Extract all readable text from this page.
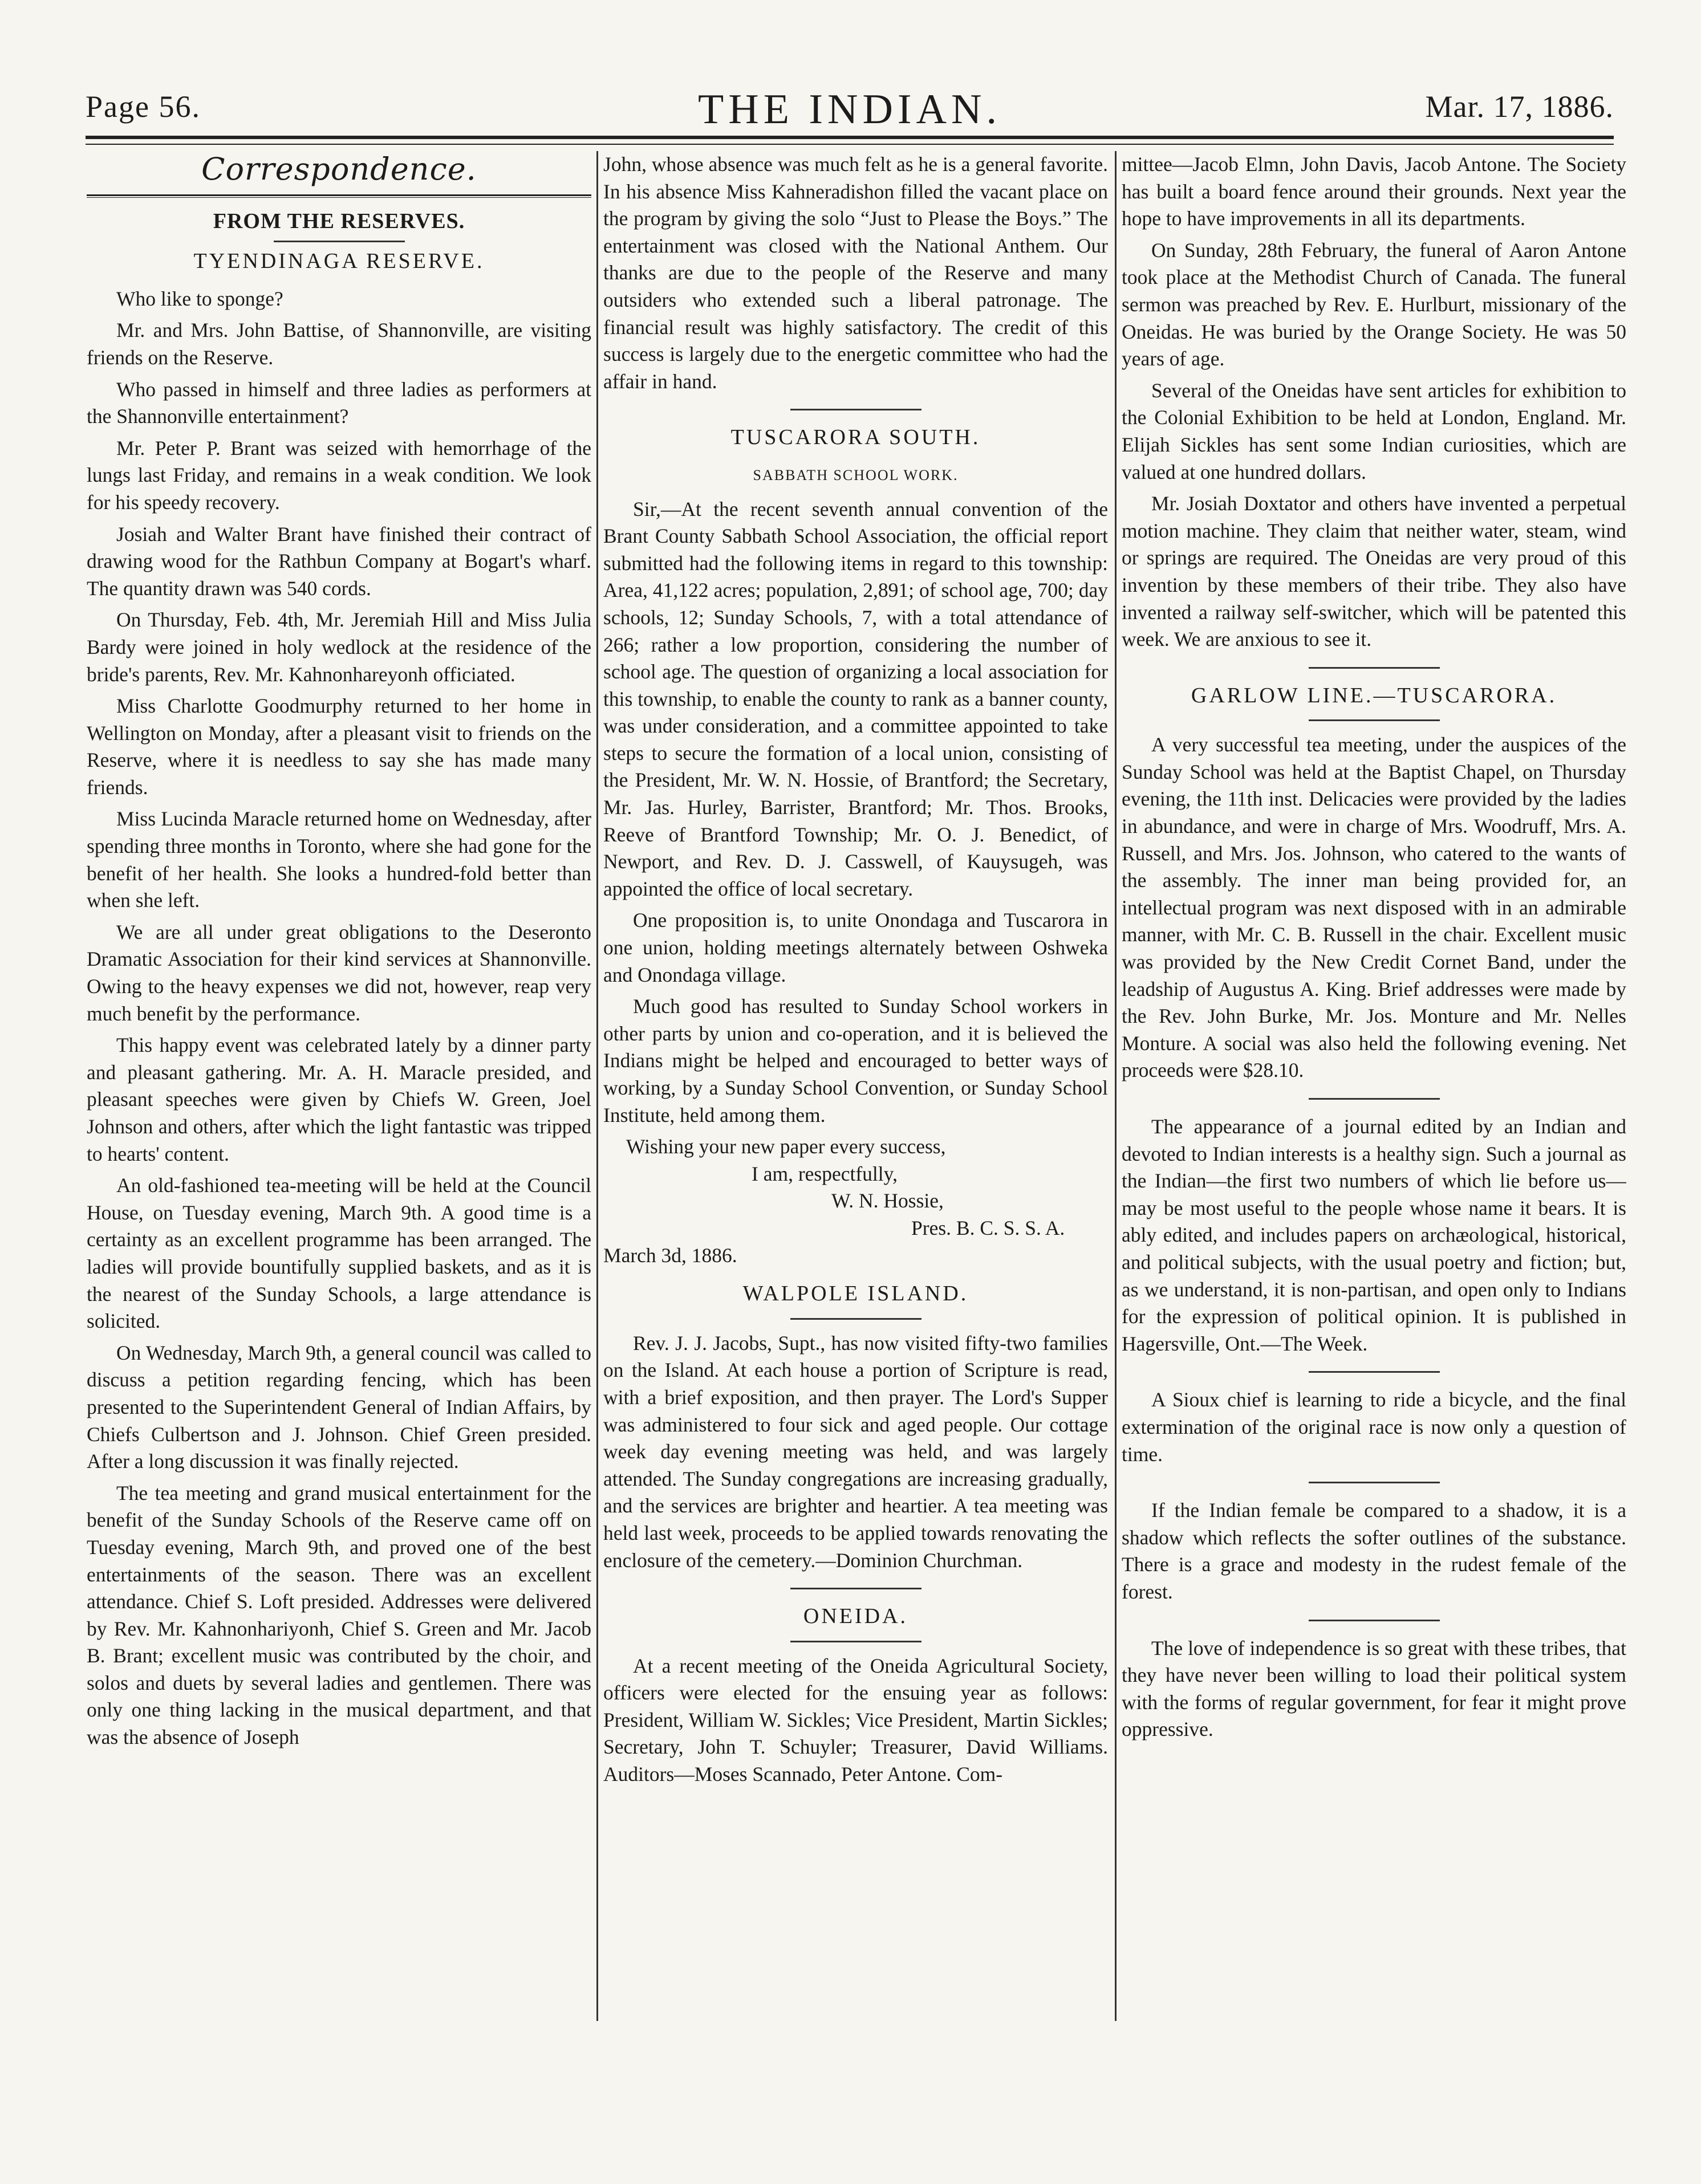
Page 56.	THE INDIAN.	Mar. 17, 1886.
Correspondence.
FROM THE RESERVES.
TYENDINAGA RESERVE.

Who like to sponge?

Mr. and Mrs. John Battise, of Shannonville, are visiting friends on the Reserve.

Who passed in himself and three ladies as performers at the Shannonville entertainment?

Mr. Peter P. Brant was seized with hemorrhage of the lungs last Friday, and remains in a weak condition. We look for his speedy recovery.

Josiah and Walter Brant have finished their contract of drawing wood for the Rathbun Company at Bogart's wharf. The quantity drawn was 540 cords.

On Thursday, Feb. 4th, Mr. Jeremiah Hill and Miss Julia Bardy were joined in holy wedlock at the residence of the bride's parents, Rev. Mr. Kahnonhareyonh officiated.

Miss Charlotte Goodmurphy returned to her home in Wellington on Monday, after a pleasant visit to friends on the Reserve, where it is needless to say she has made many friends.

Miss Lucinda Maracle returned home on Wednesday, after spending three months in Toronto, where she had gone for the benefit of her health. She looks a hundred-fold better than when she left.

We are all under great obligations to the Deseronto Dramatic Association for their kind services at Shannonville. Owing to the heavy expenses we did not, however, reap very much benefit by the performance.

This happy event was celebrated lately by a dinner party and pleasant gathering. Mr. A. H. Maracle presided, and pleasant speeches were given by Chiefs W. Green, Joel Johnson and others, after which the light fantastic was tripped to hearts' content.

An old-fashioned tea-meeting will be held at the Council House, on Tuesday evening, March 9th. A good time is a certainty as an excellent programme has been arranged. The ladies will provide bountifully supplied baskets, and as it is the nearest of the Sunday Schools, a large attendance is solicited.

On Wednesday, March 9th, a general council was called to discuss a petition regarding fencing, which has been presented to the Superintendent General of Indian Affairs, by Chiefs Culbertson and J. Johnson. Chief Green presided. After a long discussion it was finally rejected.

The tea meeting and grand musical entertainment for the benefit of the Sunday Schools of the Reserve came off on Tuesday evening, March 9th, and proved one of the best entertainments of the season. There was an excellent attendance. Chief S. Loft presided. Addresses were delivered by Rev. Mr. Kahnonhariyonh, Chief S. Green and Mr. Jacob B. Brant; excellent music was contributed by the choir, and solos and duets by several ladies and gentlemen. There was only one thing lacking in the musical department, and that was the absence of Joseph

John, whose absence was much felt as he is a general favorite. In his absence Miss Kahneradishon filled the vacant place on the program by giving the solo “Just to Please the Boys.” The entertainment was closed with the National Anthem. Our thanks are due to the people of the Reserve and many outsiders who extended such a liberal patronage. The financial result was highly satisfactory. The credit of this success is largely due to the energetic committee who had the affair in hand.

TUSCARORA SOUTH.
SABBATH SCHOOL WORK.

Sir,—At the recent seventh annual convention of the Brant County Sabbath School Association, the official report submitted had the following items in regard to this township: Area, 41,122 acres; population, 2,891; of school age, 700; day schools, 12; Sunday Schools, 7, with a total attendance of 266; rather a low proportion, considering the number of school age. The question of organizing a local association for this township, to enable the county to rank as a banner county, was under consideration, and a committee appointed to take steps to secure the formation of a local union, consisting of the President, Mr. W. N. Hossie, of Brantford; the Secretary, Mr. Jas. Hurley, Barrister, Brantford; Mr. Thos. Brooks, Reeve of Brantford Township; Mr. O. J. Benedict, of Newport, and Rev. D. J. Casswell, of Kauysugeh, was appointed the office of local secretary.

One proposition is, to unite Onondaga and Tuscarora in one union, holding meetings alternately between Oshweka and Onondaga village.

Much good has resulted to Sunday School workers in other parts by union and co-operation, and it is believed the Indians might be helped and encouraged to better ways of working, by a Sunday School Convention, or Sunday School Institute, held among them.

Wishing your new paper every success,
I am, respectfully,
W. N. Hossie,
Pres. B. C. S. S. A.

March 3d, 1886.

WALPOLE ISLAND.

Rev. J. J. Jacobs, Supt., has now visited fifty-two families on the Island. At each house a portion of Scripture is read, with a brief exposition, and then prayer. The Lord's Supper was administered to four sick and aged people. Our cottage week day evening meeting was held, and was largely attended. The Sunday congregations are increasing gradually, and the services are brighter and heartier. A tea meeting was held last week, proceeds to be applied towards renovating the enclosure of the cemetery.—Dominion Churchman.

ONEIDA.

At a recent meeting of the Oneida Agricultural Society, officers were elected for the ensuing year as follows: President, William W. Sickles; Vice President, Martin Sickles; Secretary, John T. Schuyler; Treasurer, David Williams. Auditors—Moses Scannado, Peter Antone. Com-

mittee—Jacob Elmn, John Davis, Jacob Antone. The Society has built a board fence around their grounds. Next year the hope to have improvements in all its departments.

On Sunday, 28th February, the funeral of Aaron Antone took place at the Methodist Church of Canada. The funeral sermon was preached by Rev. E. Hurlburt, missionary of the Oneidas. He was buried by the Orange Society. He was 50 years of age.

Several of the Oneidas have sent articles for exhibition to the Colonial Exhibition to be held at London, England. Mr. Elijah Sickles has sent some Indian curiosities, which are valued at one hundred dollars.

Mr. Josiah Doxtator and others have invented a perpetual motion machine. They claim that neither water, steam, wind or springs are required. The Oneidas are very proud of this invention by these members of their tribe. They also have invented a railway self-switcher, which will be patented this week. We are anxious to see it.

GARLOW LINE.—TUSCARORA.

A very successful tea meeting, under the auspices of the Sunday School was held at the Baptist Chapel, on Thursday evening, the 11th inst. Delicacies were provided by the ladies in abundance, and were in charge of Mrs. Woodruff, Mrs. A. Russell, and Mrs. Jos. Johnson, who catered to the wants of the assembly. The inner man being provided for, an intellectual program was next disposed with in an admirable manner, with Mr. C. B. Russell in the chair. Excellent music was provided by the New Credit Cornet Band, under the leadship of Augustus A. King. Brief addresses were made by the Rev. John Burke, Mr. Jos. Monture and Mr. Nelles Monture. A social was also held the following evening. Net proceeds were $28.10.

The appearance of a journal edited by an Indian and devoted to Indian interests is a healthy sign. Such a journal as the Indian—the first two numbers of which lie before us—may be most useful to the people whose name it bears. It is ably edited, and includes papers on archæological, historical, and political subjects, with the usual poetry and fiction; but, as we understand, it is non-partisan, and open only to Indians for the expression of political opinion. It is published in Hagersville, Ont.—The Week.

A Sioux chief is learning to ride a bicycle, and the final extermination of the original race is now only a question of time.

If the Indian female be compared to a shadow, it is a shadow which reflects the softer outlines of the substance. There is a grace and modesty in the rudest female of the forest.

The love of independence is so great with these tribes, that they have never been willing to load their political system with the forms of regular government, for fear it might prove oppressive.
